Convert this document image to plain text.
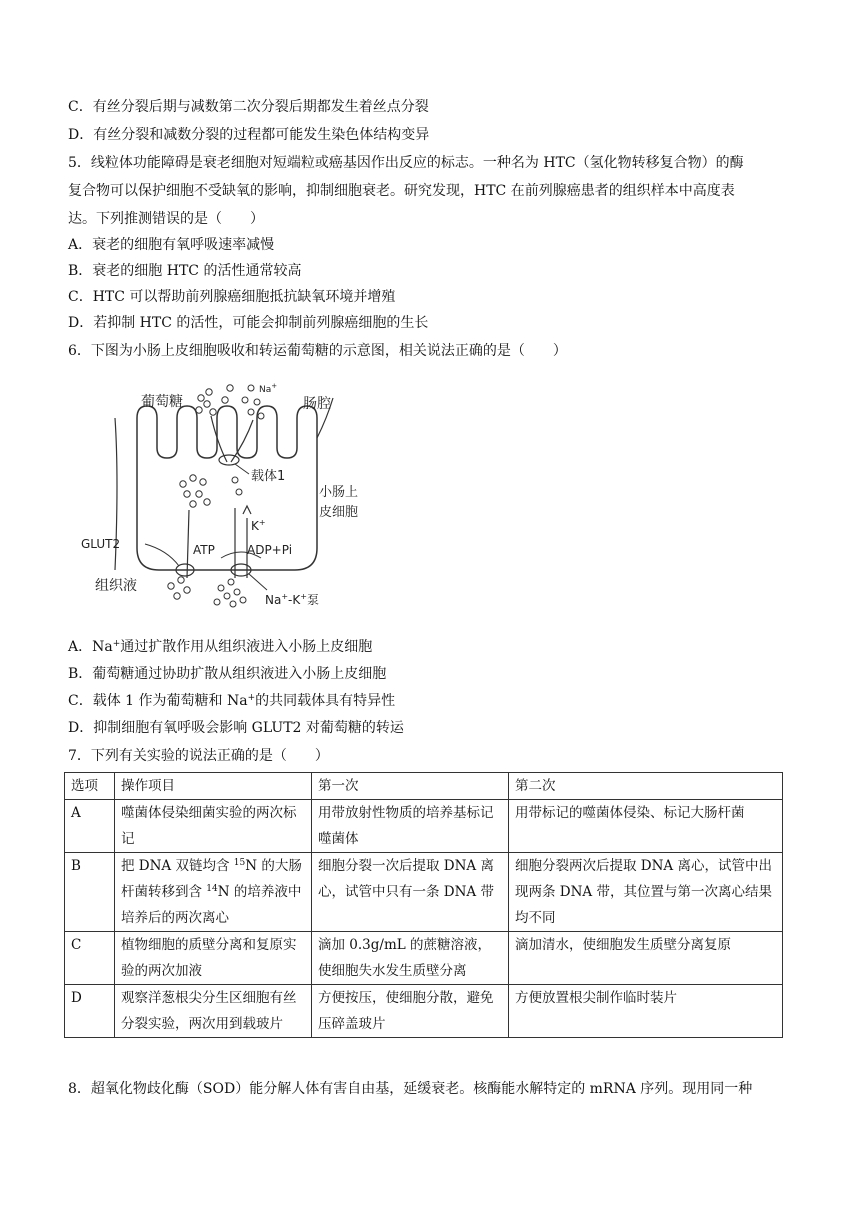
C．有丝分裂后期与减数第二次分裂后期都发生着丝点分裂
D．有丝分裂和减数分裂的过程都可能发生染色体结构变异
5．线粒体功能障碍是衰老细胞对短端粒或癌基因作出反应的标志。一种名为 HTC（氢化物转移复合物）的酶
复合物可以保护细胞不受缺氧的影响，抑制细胞衰老。研究发现，HTC 在前列腺癌患者的组织样本中高度表
达。下列推测错误的是（　　）
A．衰老的细胞有氧呼吸速率减慢
B．衰老的细胞 HTC 的活性通常较高
C．HTC 可以帮助前列腺癌细胞抵抗缺氧环境并增殖
D．若抑制 HTC 的活性，可能会抑制前列腺癌细胞的生长
6．下图为小肠上皮细胞吸收和转运葡萄糖的示意图，相关说法正确的是（　　）
葡萄糖
Na+
肠腔
载体1
小肠上
皮细胞
K+
GLUT2	ATP	ADP+Pi
组织液
Na+-K+泵
A．Na+通过扩散作用从组织液进入小肠上皮细胞
B．葡萄糖通过协助扩散从组织液进入小肠上皮细胞
C．载体 1 作为葡萄糖和 Na+的共同载体具有特异性
D．抑制细胞有氧呼吸会影响 GLUT2 对葡萄糖的转运
7．下列有关实验的说法正确的是（　　）
选项	操作项目	第一次	第二次
A	噬菌体侵染细菌实验的两次标记	用带放射性物质的培养基标记噬菌体	用带标记的噬菌体侵染、标记大肠杆菌
B	把 DNA 双链均含 $^{15}$N 的大肠杆菌转移到含 $^{14}$N 的培养液中培养后的两次离心	细胞分裂一次后提取 DNA 离心，试管中只有一条 DNA 带	细胞分裂两次后提取 DNA 离心，试管中出现两条 DNA 带，其位置与第一次离心结果均不同
C	植物细胞的质壁分离和复原实验的两次加液	滴加 0.3g/mL 的蔗糖溶液，使细胞失水发生质壁分离	滴加清水，使细胞发生质壁分离复原
D	观察洋葱根尖分生区细胞有丝分裂实验，两次用到载玻片	方便按压，使细胞分散，避免压碎盖玻片	方便放置根尖制作临时装片
8．超氧化物歧化酶（SOD）能分解人体有害自由基，延缓衰老。核酶能水解特定的 mRNA 序列。现用同一种
